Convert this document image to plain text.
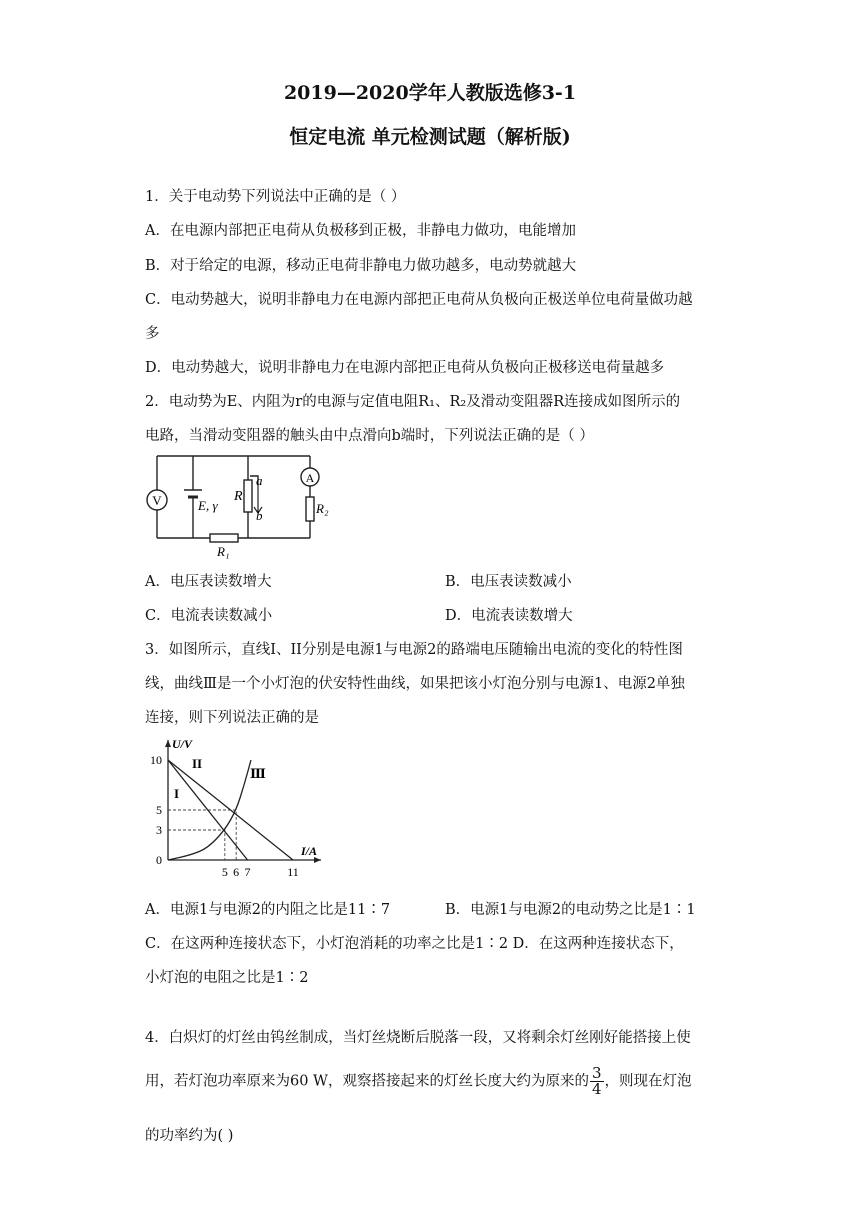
2019—2020学年人教版选修3-1
恒定电流 单元检测试题（解析版)
1．关于电动势下列说法中正确的是（ ）
A．在电源内部把正电荷从负极移到正极，非静电力做功，电能增加
B．对于给定的电源，移动正电荷非静电力做功越多，电动势就越大
C．电动势越大，说明非静电力在电源内部把正电荷从负极向正极送单位电荷量做功越
多
D．电动势越大，说明非静电力在电源内部把正电荷从负极向正极移送电荷量越多
2．电动势为E、内阻为r的电源与定值电阻R₁、R₂及滑动变阻器R连接成如图所示的
电路，当滑动变阻器的触头由中点滑向b端时，下列说法正确的是（ ）
V	E, γ
R
a
b
R₁
A
R₂
A．电压表读数增大	B．电压表读数减小
C．电流表读数减小	D．电流表读数增大
3．如图所示，直线I、II分别是电源1与电源2的路端电压随输出电流的变化的特性图
线，曲线Ⅲ是一个小灯泡的伏安特性曲线，如果把该小灯泡分别与电源1、电源2单独
连接，则下列说法正确的是
I/A
U/V
0
3
5
10
5 6 7	11
I
II
Ⅲ
A．电源1与电源2的内阻之比是11∶7	B．电源1与电源2的电动势之比是1∶1
C．在这两种连接状态下，小灯泡消耗的功率之比是1∶2 D．在这两种连接状态下，
小灯泡的电阻之比是1∶2
4．白炽灯的灯丝由钨丝制成，当灯丝烧断后脱落一段，又将剩余灯丝刚好能搭接上使
用，若灯泡功率原来为60 W，观察搭接起来的灯丝长度大约为原来的 $\frac{3}{4}$ ，则现在灯泡
的功率约为( )
